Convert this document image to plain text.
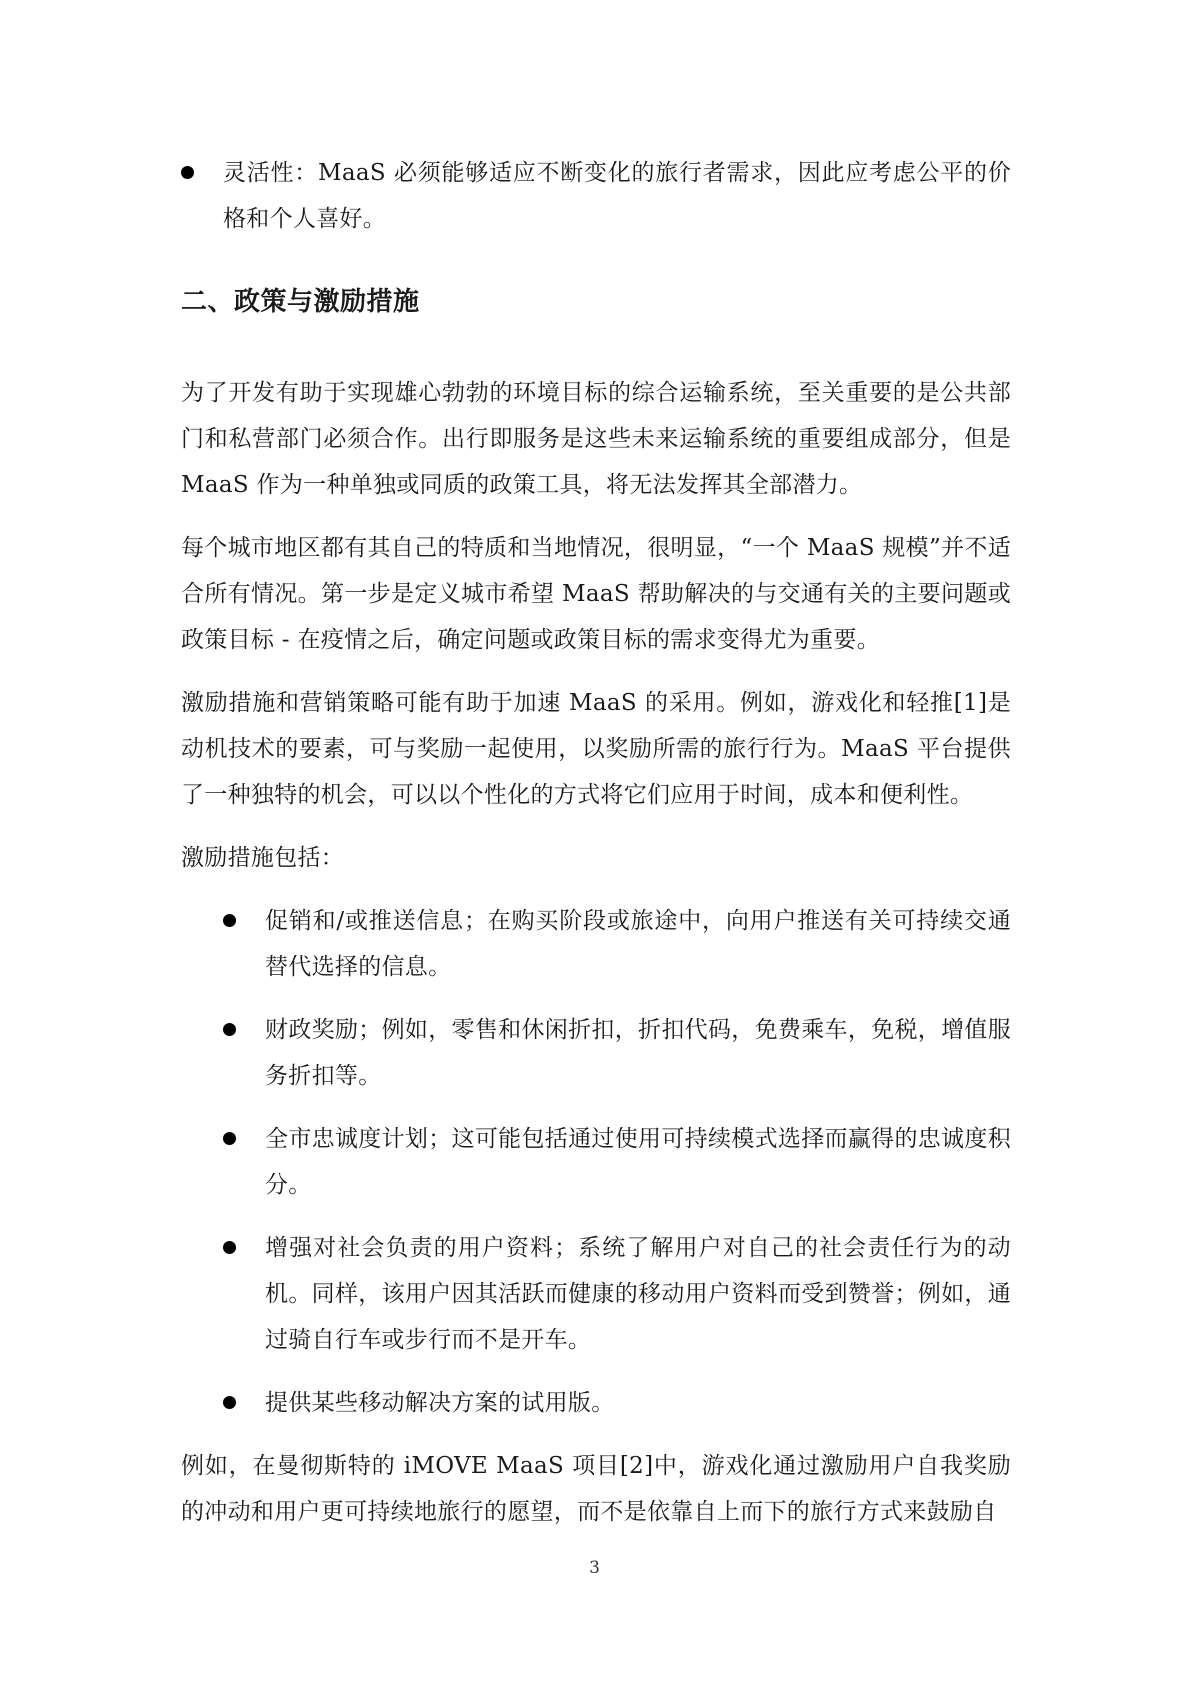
灵活性：MaaS 必须能够适应不断变化的旅行者需求，因此应考虑公平的价格和个人喜好。
二、政策与激励措施

为了开发有助于实现雄心勃勃的环境目标的综合运输系统，至关重要的是公共部门和私营部门必须合作。出行即服务是这些未来运输系统的重要组成部分，但是 MaaS 作为一种单独或同质的政策工具，将无法发挥其全部潜力。

每个城市地区都有其自己的特质和当地情况，很明显，“一个 MaaS 规模”并不适合所有情况。第一步是定义城市希望 MaaS 帮助解决的与交通有关的主要问题或政策目标 - 在疫情之后，确定问题或政策目标的需求变得尤为重要。

激励措施和营销策略可能有助于加速 MaaS 的采用。例如，游戏化和轻推[1]是动机技术的要素，可与奖励一起使用，以奖励所需的旅行行为。MaaS 平台提供了一种独特的机会，可以以个性化的方式将它们应用于时间，成本和便利性。

激励措施包括：

促销和/或推送信息；在购买阶段或旅途中，向用户推送有关可持续交通替代选择的信息。
财政奖励；例如，零售和休闲折扣，折扣代码，免费乘车，免税，增值服务折扣等。
全市忠诚度计划；这可能包括通过使用可持续模式选择而赢得的忠诚度积分。
增强对社会负责的用户资料；系统了解用户对自己的社会责任行为的动机。同样，该用户因其活跃而健康的移动用户资料而受到赞誉；例如，通过骑自行车或步行而不是开车。
提供某些移动解决方案的试用版。

例如，在曼彻斯特的 iMOVE MaaS 项目[2]中，游戏化通过激励用户自我奖励的冲动和用户更可持续地旅行的愿望，而不是依靠自上而下的旅行方式来鼓励自

3
